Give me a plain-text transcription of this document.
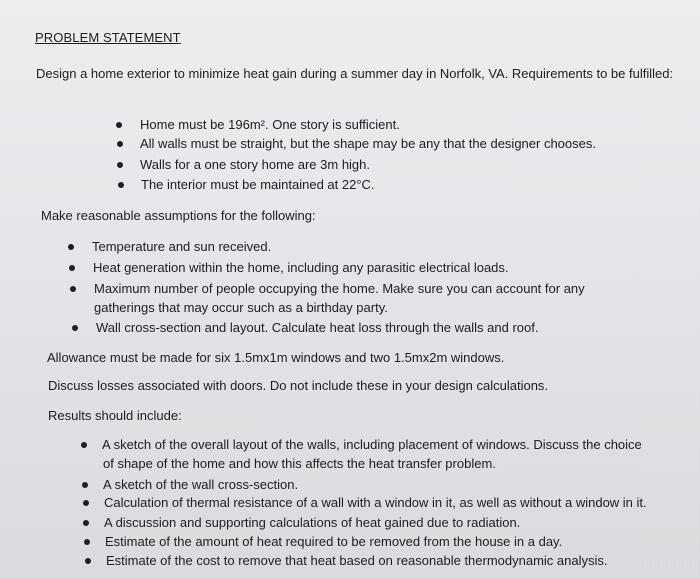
PROBLEM STATEMENT

Design a home exterior to minimize heat gain during a summer day in Norfolk, VA. Requirements to be fulfilled:

Home must be 196m². One story is sufficient.
All walls must be straight, but the shape may be any that the designer chooses.
Walls for a one story home are 3m high.
The interior must be maintained at 22°C.

Make reasonable assumptions for the following:

Temperature and sun received.
Heat generation within the home, including any parasitic electrical loads.
Maximum number of people occupying the home. Make sure you can account for any

gatherings that may occur such as a birthday party.

Wall cross-section and layout. Calculate heat loss through the walls and roof.

Allowance must be made for six 1.5mx1m windows and two 1.5mx2m windows.

Discuss losses associated with doors. Do not include these in your design calculations.

Results should include:

A sketch of the overall layout of the walls, including placement of windows. Discuss the choice

of shape of the home and how this affects the heat transfer problem.

A sketch of the wall cross-section.
Calculation of thermal resistance of a wall with a window in it, as well as without a window in it.
A discussion and supporting calculations of heat gained due to radiation.
Estimate of the amount of heat required to be removed from the house in a day.
Estimate of the cost to remove that heat based on reasonable thermodynamic analysis.
